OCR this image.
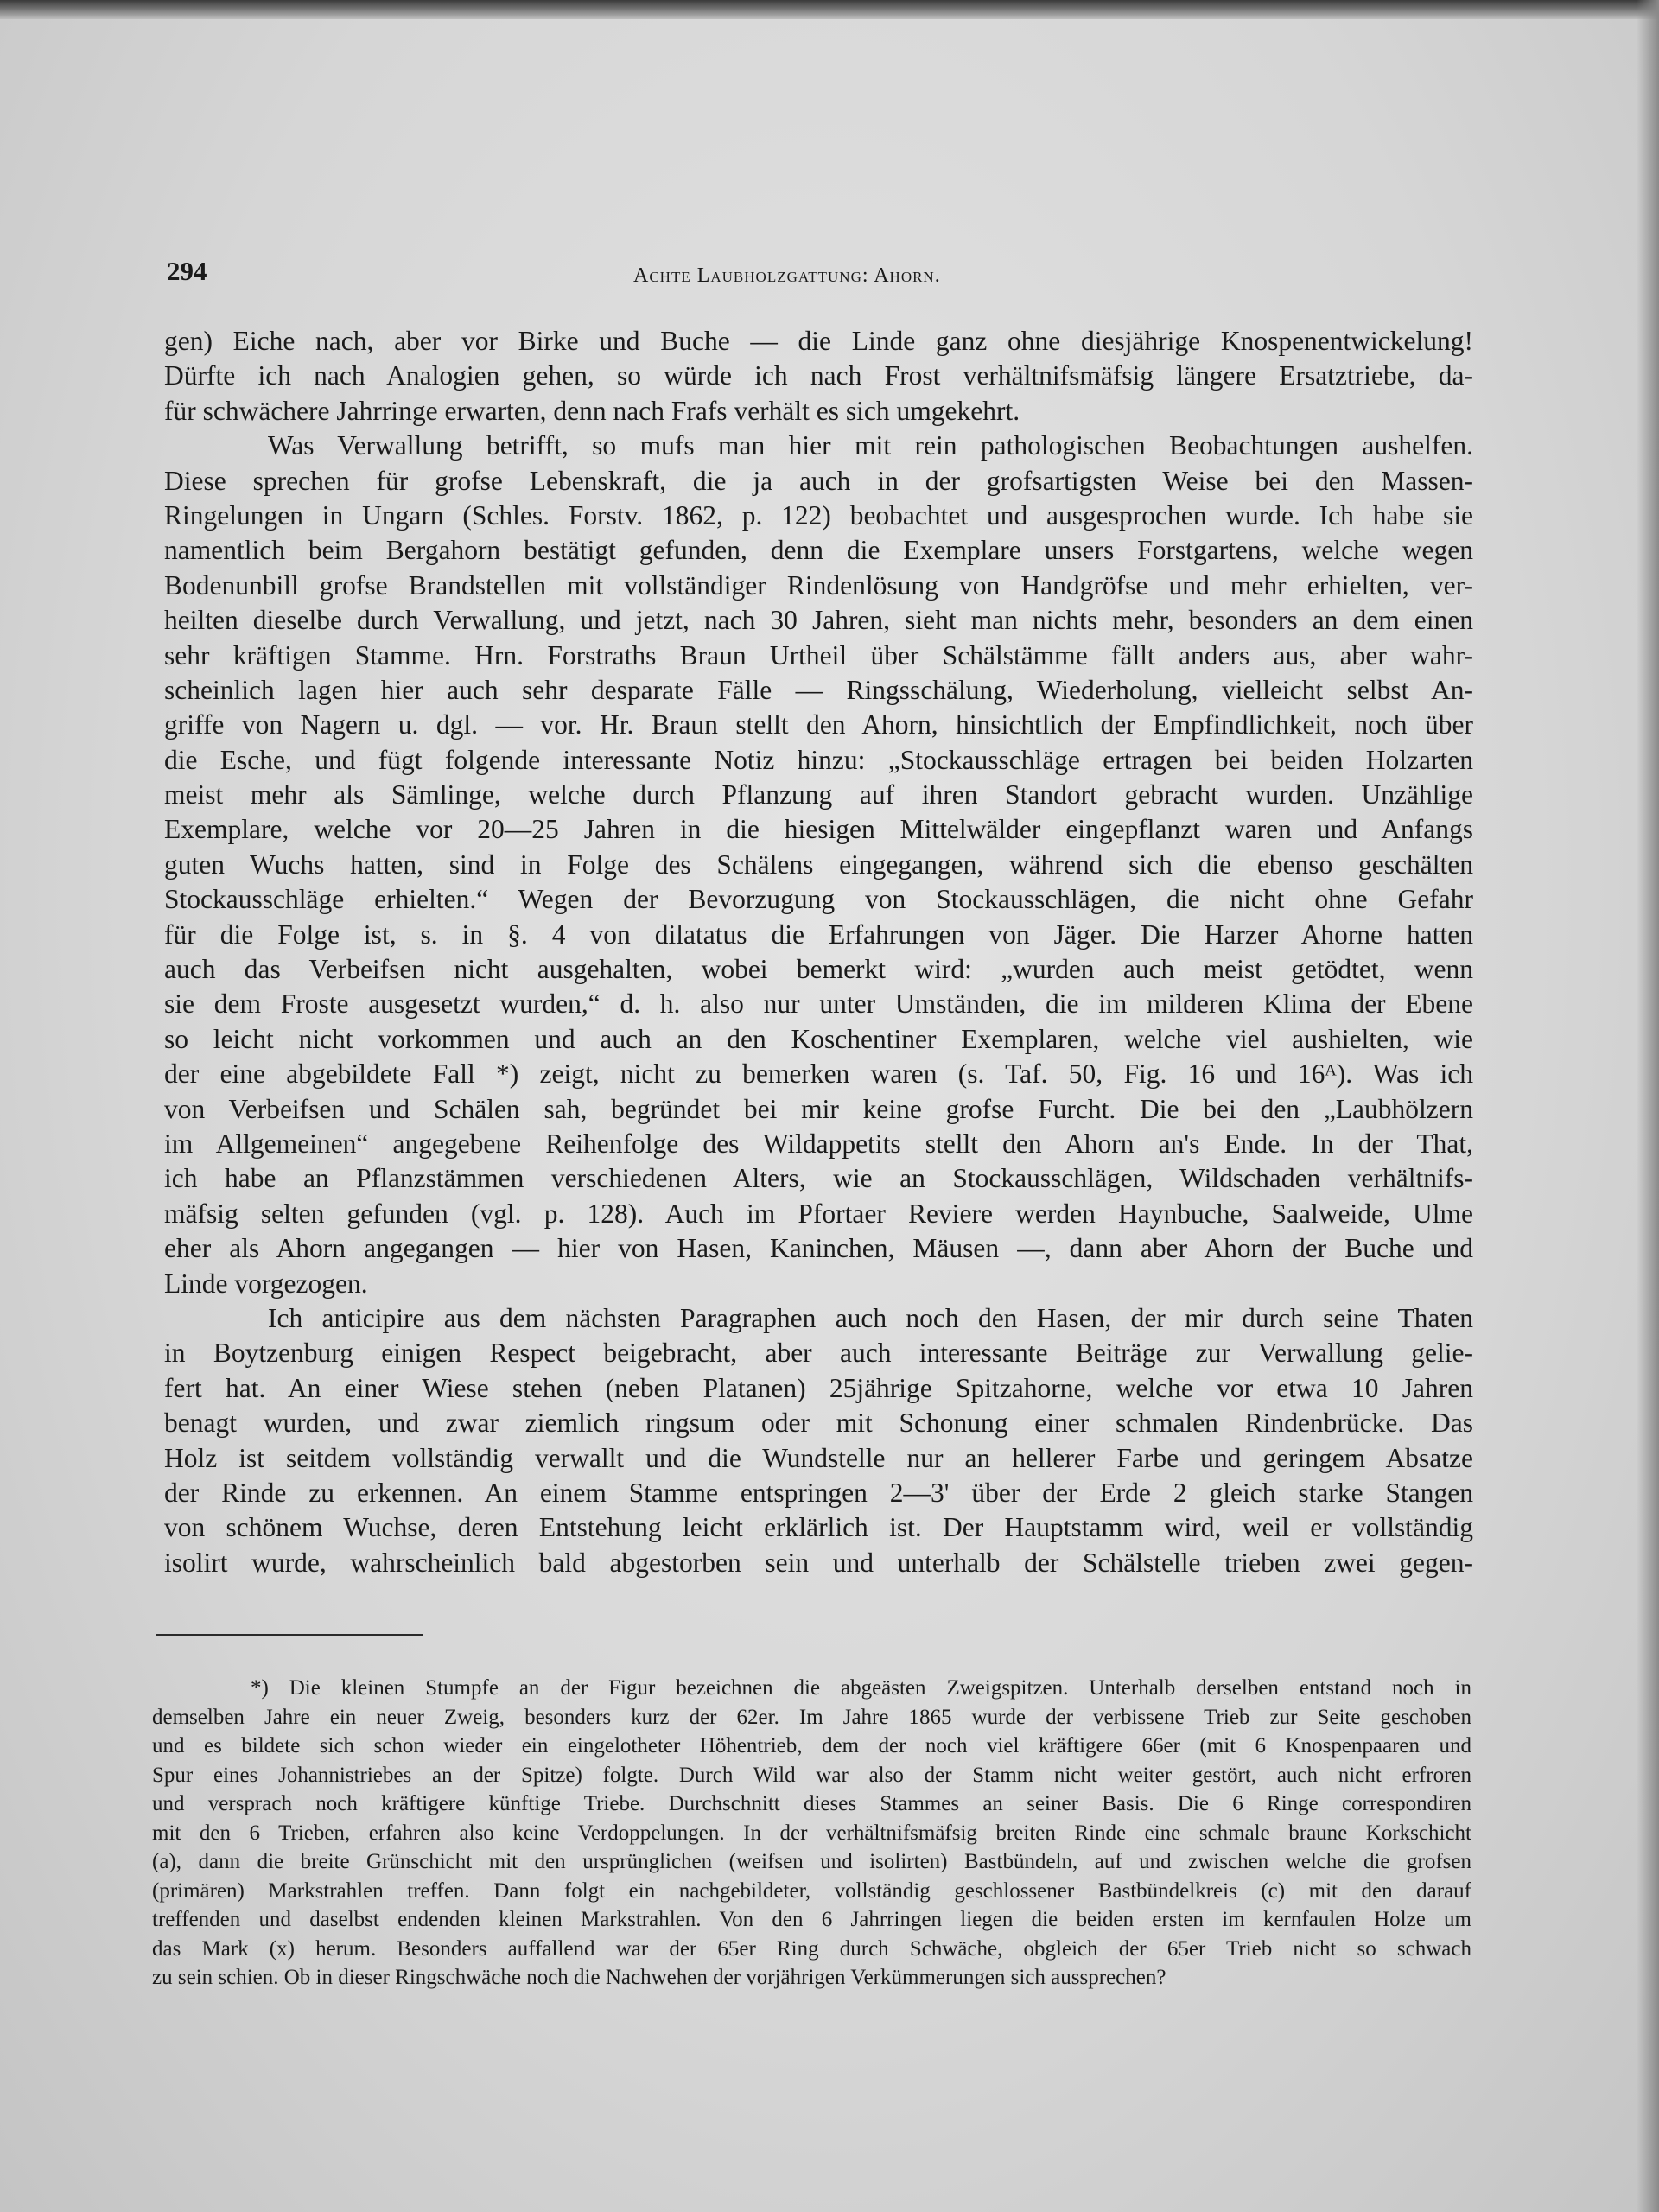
294	Achte Laubholzgattung: Ahorn.
gen) Eiche nach, aber vor Birke und Buche — die Linde ganz ohne diesjährige Knospenentwickelung!
Dürfte ich nach Analogien gehen, so würde ich nach Frost verhältnifsmäfsig längere Ersatztriebe, da-
für schwächere Jahrringe erwarten, denn nach Frafs verhält es sich umgekehrt.
Was Verwallung betrifft, so mufs man hier mit rein pathologischen Beobachtungen aushelfen.
Diese sprechen für grofse Lebenskraft, die ja auch in der grofsartigsten Weise bei den Massen-
Ringelungen in Ungarn (Schles. Forstv. 1862, p. 122) beobachtet und ausgesprochen wurde. Ich habe sie
namentlich beim Bergahorn bestätigt gefunden, denn die Exemplare unsers Forstgartens, welche wegen
Bodenunbill grofse Brandstellen mit vollständiger Rindenlösung von Handgröfse und mehr erhielten, ver-
heilten dieselbe durch Verwallung, und jetzt, nach 30 Jahren, sieht man nichts mehr, besonders an dem einen
sehr kräftigen Stamme. Hrn. Forstraths Braun Urtheil über Schälstämme fällt anders aus, aber wahr-
scheinlich lagen hier auch sehr desparate Fälle — Ringsschälung, Wiederholung, vielleicht selbst An-
griffe von Nagern u. dgl. — vor. Hr. Braun stellt den Ahorn, hinsichtlich der Empfindlichkeit, noch über
die Esche, und fügt folgende interessante Notiz hinzu: „Stockausschläge ertragen bei beiden Holzarten
meist mehr als Sämlinge, welche durch Pflanzung auf ihren Standort gebracht wurden. Unzählige
Exemplare, welche vor 20—25 Jahren in die hiesigen Mittelwälder eingepflanzt waren und Anfangs
guten Wuchs hatten, sind in Folge des Schälens eingegangen, während sich die ebenso geschälten
Stockausschläge erhielten.“ Wegen der Bevorzugung von Stockausschlägen, die nicht ohne Gefahr
für die Folge ist, s. in §. 4 von dilatatus die Erfahrungen von Jäger. Die Harzer Ahorne hatten
auch das Verbeifsen nicht ausgehalten, wobei bemerkt wird: „wurden auch meist getödtet, wenn
sie dem Froste ausgesetzt wurden,“ d. h. also nur unter Umständen, die im milderen Klima der Ebene
so leicht nicht vorkommen und auch an den Koschentiner Exemplaren, welche viel aushielten, wie
der eine abgebildete Fall *) zeigt, nicht zu bemerken waren (s. Taf. 50, Fig. 16 und 16ᴬ). Was ich
von Verbeifsen und Schälen sah, begründet bei mir keine grofse Furcht. Die bei den „Laubhölzern
im Allgemeinen“ angegebene Reihenfolge des Wildappetits stellt den Ahorn an's Ende. In der That,
ich habe an Pflanzstämmen verschiedenen Alters, wie an Stockausschlägen, Wildschaden verhältnifs-
mäfsig selten gefunden (vgl. p. 128). Auch im Pfortaer Reviere werden Haynbuche, Saalweide, Ulme
eher als Ahorn angegangen — hier von Hasen, Kaninchen, Mäusen —, dann aber Ahorn der Buche und
Linde vorgezogen.
Ich anticipire aus dem nächsten Paragraphen auch noch den Hasen, der mir durch seine Thaten
in Boytzenburg einigen Respect beigebracht, aber auch interessante Beiträge zur Verwallung gelie-
fert hat. An einer Wiese stehen (neben Platanen) 25jährige Spitzahorne, welche vor etwa 10 Jahren
benagt wurden, und zwar ziemlich ringsum oder mit Schonung einer schmalen Rindenbrücke. Das
Holz ist seitdem vollständig verwallt und die Wundstelle nur an hellerer Farbe und geringem Absatze
der Rinde zu erkennen. An einem Stamme entspringen 2—3' über der Erde 2 gleich starke Stangen
von schönem Wuchse, deren Entstehung leicht erklärlich ist. Der Hauptstamm wird, weil er vollständig
isolirt wurde, wahrscheinlich bald abgestorben sein und unterhalb der Schälstelle trieben zwei gegen-
*) Die kleinen Stumpfe an der Figur bezeichnen die abgeästen Zweigspitzen. Unterhalb derselben entstand noch in
demselben Jahre ein neuer Zweig, besonders kurz der 62er. Im Jahre 1865 wurde der verbissene Trieb zur Seite geschoben
und es bildete sich schon wieder ein eingelotheter Höhentrieb, dem der noch viel kräftigere 66er (mit 6 Knospenpaaren und
Spur eines Johannistriebes an der Spitze) folgte. Durch Wild war also der Stamm nicht weiter gestört, auch nicht erfroren
und versprach noch kräftigere künftige Triebe. Durchschnitt dieses Stammes an seiner Basis. Die 6 Ringe correspondiren
mit den 6 Trieben, erfahren also keine Verdoppelungen. In der verhältnifsmäfsig breiten Rinde eine schmale braune Korkschicht
(a), dann die breite Grünschicht mit den ursprünglichen (weifsen und isolirten) Bastbündeln, auf und zwischen welche die grofsen
(primären) Markstrahlen treffen. Dann folgt ein nachgebildeter, vollständig geschlossener Bastbündelkreis (c) mit den darauf
treffenden und daselbst endenden kleinen Markstrahlen. Von den 6 Jahrringen liegen die beiden ersten im kernfaulen Holze um
das Mark (x) herum. Besonders auffallend war der 65er Ring durch Schwäche, obgleich der 65er Trieb nicht so schwach
zu sein schien. Ob in dieser Ringschwäche noch die Nachwehen der vorjährigen Verkümmerungen sich aussprechen?
